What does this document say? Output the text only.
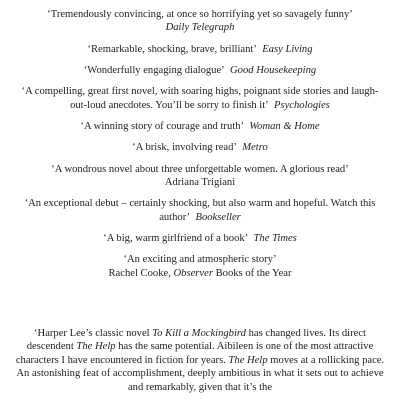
‘Tremendously convincing, at once so horrifying yet so savagely funny’
Daily Telegraph
‘Remarkable, shocking, brave, brilliant’ Easy Living
‘Wonderfully engaging dialogue’ Good Housekeeping
‘A compelling, great first novel, with soaring highs, poignant side stories and laugh-out-loud anecdotes. You’ll be sorry to finish it’ Psychologies
‘A winning story of courage and truth’ Woman & Home
‘A brisk, involving read’ Metro
‘A wondrous novel about three unforgettable women. A glorious read’
Adriana Trigiani
‘An exceptional debut – certainly shocking, but also warm and hopeful. Watch this author’ Bookseller
‘A big, warm girlfriend of a book’ The Times
‘An exciting and atmospheric story’
Rachel Cooke, Observer Books of the Year
‘Harper Lee’s classic novel To Kill a Mockingbird has changed lives. Its direct descendent The Help has the same potential. Aibileen is one of the most attractive characters I have encountered in fiction for years. The Help moves at a rollicking pace. An astonishing feat of accomplishment, deeply ambitious in what it sets out to achieve and remarkably, given that it’s the
